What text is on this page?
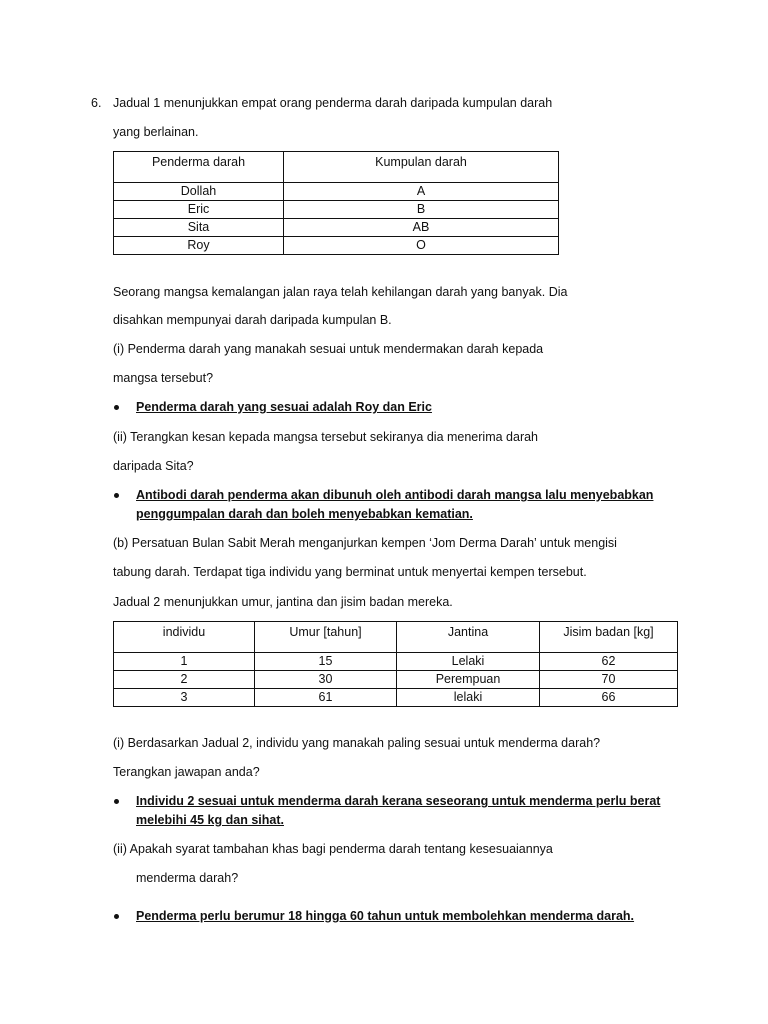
6. Jadual 1 menunjukkan empat orang penderma darah daripada kumpulan darah
yang berlainan.
Penderma darah	Kumpulan darah
Dollah	A
Eric	B
Sita	AB
Roy	O
Seorang mangsa kemalangan jalan raya telah kehilangan darah yang banyak. Dia
disahkan mempunyai darah daripada kumpulan B.
(i) Penderma darah yang manakah sesuai untuk mendermakan darah kepada
mangsa tersebut?
Penderma darah yang sesuai adalah Roy dan Eric
(ii) Terangkan kesan kepada mangsa tersebut sekiranya dia menerima darah
daripada Sita?
Antibodi darah penderma akan dibunuh oleh antibodi darah mangsa lalu menyebabkan
penggumpalan darah dan boleh menyebabkan kematian.
(b) Persatuan Bulan Sabit Merah menganjurkan kempen ‘Jom Derma Darah’ untuk mengisi
tabung darah. Terdapat tiga individu yang berminat untuk menyertai kempen tersebut.
Jadual 2 menunjukkan umur, jantina dan jisim badan mereka.
individu	Umur [tahun]	Jantina	Jisim badan [kg]
1	15	Lelaki	62
2	30	Perempuan	70
3	61	lelaki	66
(i) Berdasarkan Jadual 2, individu yang manakah paling sesuai untuk menderma darah?
Terangkan jawapan anda?
Individu 2 sesuai untuk menderma darah kerana seseorang untuk menderma perlu berat
melebihi 45 kg dan sihat.
(ii) Apakah syarat tambahan khas bagi penderma darah tentang kesesuaiannya
menderma darah?
Penderma perlu berumur 18 hingga 60 tahun untuk membolehkan menderma darah.
